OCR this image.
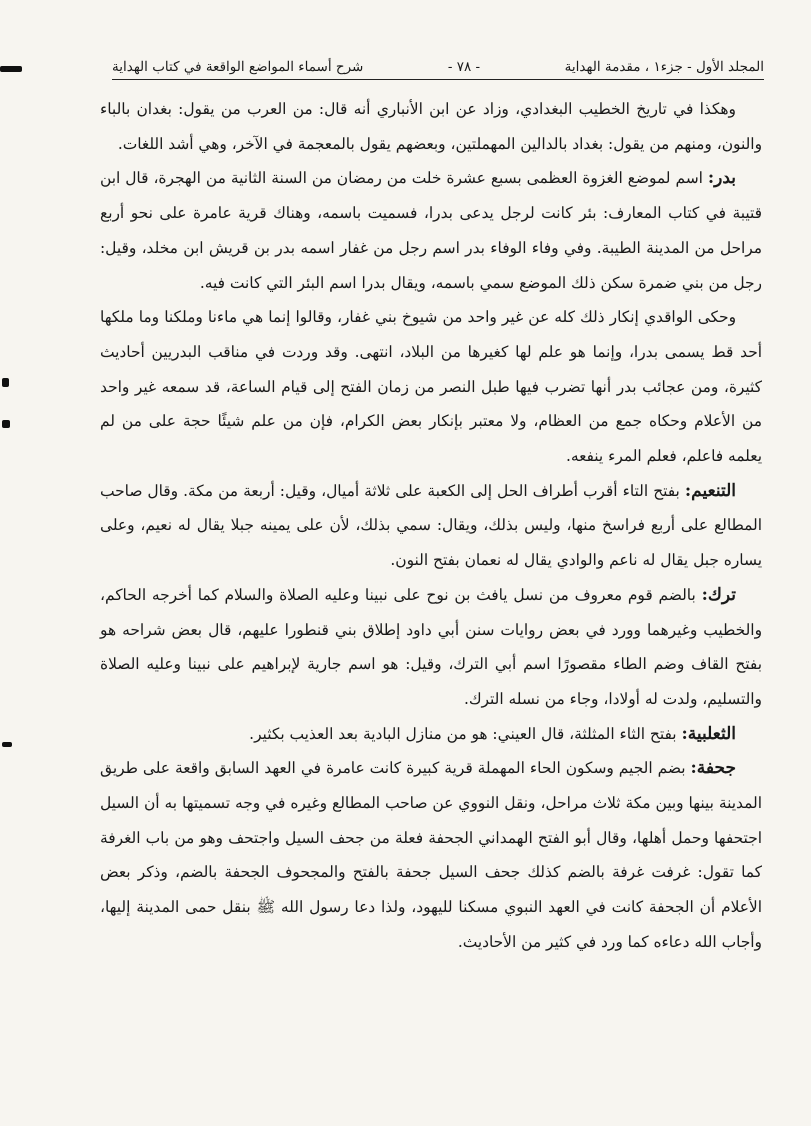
المجلد الأول - جزء١ ، مقدمة الهداية
- ٧٨ -
شرح أسماء المواضع الواقعة في كتاب الهداية

وهكذا في تاريخ الخطيب البغدادي، وزاد عن ابن الأنباري أنه قال: من العرب من يقول: بغدان بالباء والنون، ومنهم من يقول: بغداد بالدالين المهملتين، وبعضهم يقول بالمعجمة في الآخر، وهي أشد اللغات.

بدر: اسم لموضع الغزوة العظمى بسبع عشرة خلت من رمضان من السنة الثانية من الهجرة، قال ابن قتيبة في كتاب المعارف: بئر كانت لرجل يدعى بدرا، فسميت باسمه، وهناك قرية عامرة على نحو أربع مراحل من المدينة الطيبة. وفي وفاء الوفاء بدر اسم رجل من غفار اسمه بدر بن قريش ابن مخلد، وقيل: رجل من بني ضمرة سكن ذلك الموضع سمي باسمه، ويقال بدرا اسم البئر التي كانت فيه.

وحكى الواقدي إنكار ذلك كله عن غير واحد من شيوخ بني غفار، وقالوا إنما هي ماءنا وملكنا وما ملكها أحد قط يسمى بدرا، وإنما هو علم لها كغيرها من البلاد، انتهى. وقد وردت في مناقب البدريين أحاديث كثيرة، ومن عجائب بدر أنها تضرب فيها طبل النصر من زمان الفتح إلى قيام الساعة، قد سمعه غير واحد من الأعلام وحكاه جمع من العظام، ولا معتبر بإنكار بعض الكرام، فإن من علم شيئًا حجة على من لم يعلمه فاعلم، فعلم المرء ينفعه.

التنعيم: بفتح التاء أقرب أطراف الحل إلى الكعبة على ثلاثة أميال، وقيل: أربعة من مكة. وقال صاحب المطالع على أربع فراسخ منها، وليس بذلك، ويقال: سمي بذلك، لأن على يمينه جبلا يقال له نعيم، وعلى يساره جبل يقال له ناعم والوادي يقال له نعمان بفتح النون.

ترك: بالضم قوم معروف من نسل يافث بن نوح على نبينا وعليه الصلاة والسلام كما أخرجه الحاكم، والخطيب وغيرهما وورد في بعض روايات سنن أبي داود إطلاق بني قنطورا عليهم، قال بعض شراحه هو بفتح القاف وضم الطاء مقصورًا اسم أبي الترك، وقيل: هو اسم جارية لإبراهيم على نبينا وعليه الصلاة والتسليم، ولدت له أولادا، وجاء من نسله الترك.

الثعلبية: بفتح الثاء المثلثة، قال العيني: هو من منازل البادية بعد العذيب بكثير.

جحفة: بضم الجيم وسكون الحاء المهملة قرية كبيرة كانت عامرة في العهد السابق واقعة على طريق المدينة بينها وبين مكة ثلاث مراحل، ونقل النووي عن صاحب المطالع وغيره في وجه تسميتها به أن السيل اجتحفها وحمل أهلها، وقال أبو الفتح الهمداني الجحفة فعلة من جحف السيل واجتحف وهو من باب الغرفة كما تقول: غرفت غرفة بالضم كذلك جحف السيل جحفة بالفتح والمجحوف الجحفة بالضم، وذكر بعض الأعلام أن الجحفة كانت في العهد النبوي مسكنا لليهود، ولذا دعا رسول الله ﷺ بنقل حمى المدينة إليها، وأجاب الله دعاءه كما ورد في كثير من الأحاديث.
